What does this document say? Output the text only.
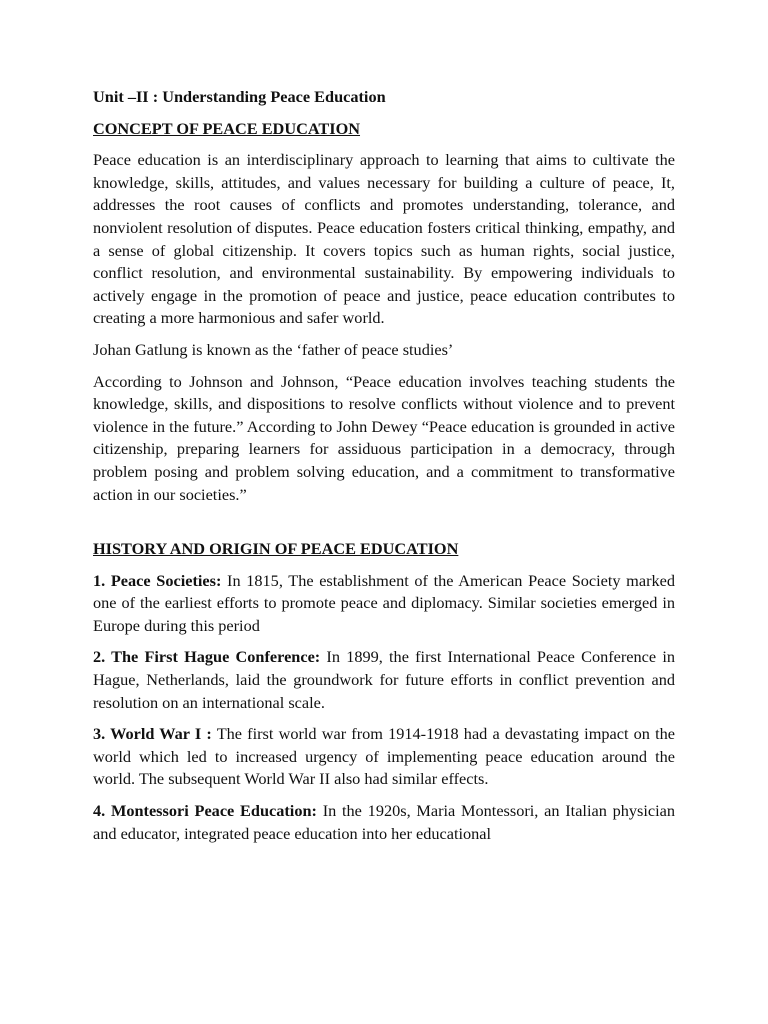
Unit –II : Understanding Peace Education
CONCEPT OF PEACE EDUCATION

Peace education is an interdisciplinary approach to learning that aims to cultivate the knowledge, skills, attitudes, and values necessary for building a culture of peace, It, addresses the root causes of conflicts and promotes understanding, tolerance, and nonviolent resolution of disputes. Peace education fosters critical thinking, empathy, and a sense of global citizenship. It covers topics such as human rights, social justice, conflict resolution, and environmental sustainability. By empowering individuals to actively engage in the promotion of peace and justice, peace education contributes to creating a more harmonious and safer world.

Johan Gatlung is known as the ‘father of peace studies’

According to Johnson and Johnson, “Peace education involves teaching students the knowledge, skills, and dispositions to resolve conflicts without violence and to prevent violence in the future.” According to John Dewey “Peace education is grounded in active citizenship, preparing learners for assiduous participation in a democracy, through problem posing and problem solving education, and a commitment to transformative action in our societies.”

HISTORY AND ORIGIN OF PEACE EDUCATION

1. Peace Societies: In 1815, The establishment of the American Peace Society marked one of the earliest efforts to promote peace and diplomacy. Similar societies emerged in Europe during this period

2. The First Hague Conference: In 1899, the first International Peace Conference in Hague, Netherlands, laid the groundwork for future efforts in conflict prevention and resolution on an international scale.

3. World War I : The first world war from 1914-1918 had a devastating impact on the world which led to increased urgency of implementing peace education around the world. The subsequent World War II also had similar effects.

4. Montessori Peace Education: In the 1920s, Maria Montessori, an Italian physician and educator, integrated peace education into her educational
